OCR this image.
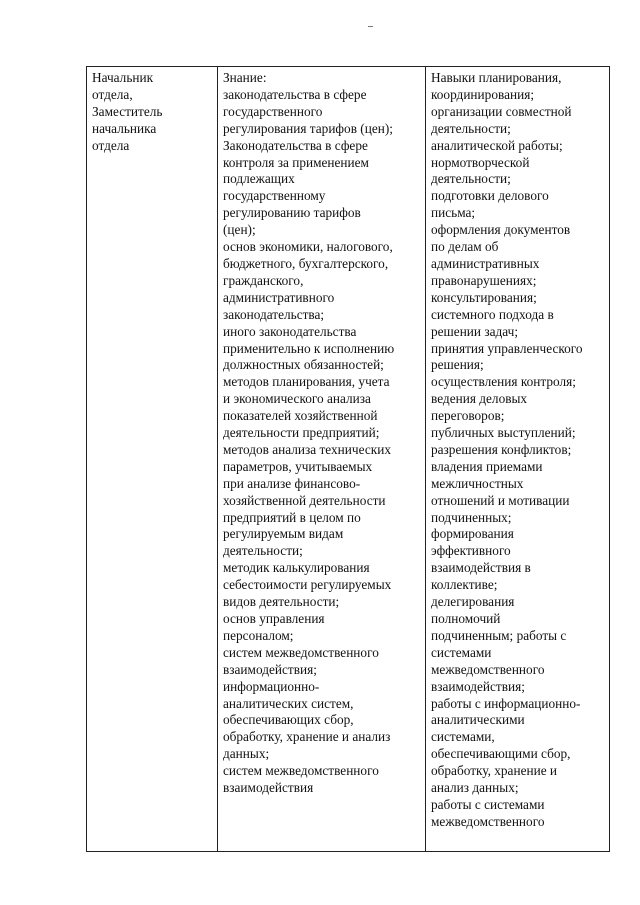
Начальник
отдела,
Заместитель
начальника
отдела

Знание:
законодательства в сфере
государственного
регулирования тарифов (цен);
Законодательства в сфере
контроля за применением
подлежащих
государственному
регулированию тарифов
(цен);
основ экономики, налогового,
бюджетного, бухгалтерского,
гражданского,
административного
законодательства;
иного законодательства
применительно к исполнению
должностных обязанностей;
методов планирования, учета
и экономического анализа
показателей хозяйственной
деятельности предприятий;
методов анализа технических
параметров, учитываемых
при анализе финансово-
хозяйственной деятельности
предприятий в целом по
регулируемым видам
деятельности;
методик калькулирования
себестоимости регулируемых
видов деятельности;
основ управления
персоналом;
систем межведомственного
взаимодействия;
информационно-
аналитических систем,
обеспечивающих сбор,
обработку, хранение и анализ
данных;
систем межведомственного
взаимодействия

Навыки планирования,
координирования;
организации совместной
деятельности;
аналитической работы;
нормотворческой
деятельности;
подготовки делового
письма;
оформления документов
по делам об
административных
правонарушениях;
консультирования;
системного подхода в
решении задач;
принятия управленческого
решения;
осуществления контроля;
ведения деловых
переговоров;
публичных выступлений;
разрешения конфликтов;
владения приемами
межличностных
отношений и мотивации
подчиненных;
формирования
эффективного
взаимодействия в
коллективе;
делегирования
полномочий
подчиненным; работы с
системами
межведомственного
взаимодействия;
работы с информационно-
аналитическими
системами,
обеспечивающими сбор,
обработку, хранение и
анализ данных;
работы с системами
межведомственного
